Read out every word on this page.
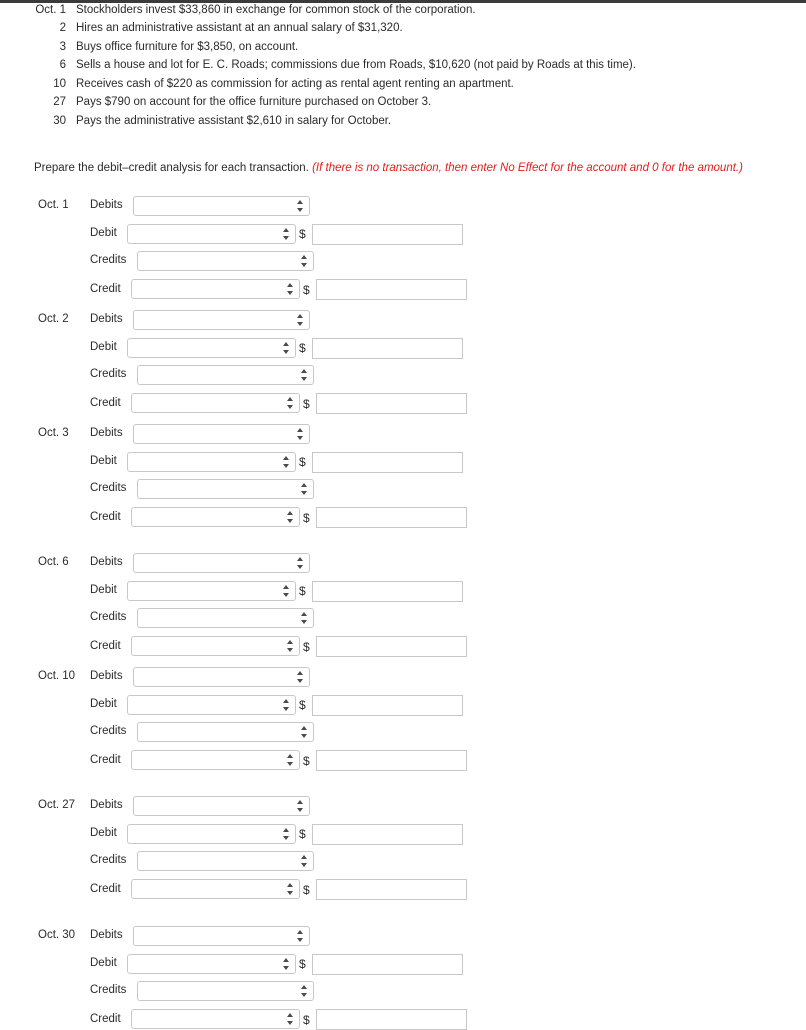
Oct. 1 Stockholders invest $33,860 in exchange for common stock of the corporation.
2 Hires an administrative assistant at an annual salary of $31,320.
3 Buys office furniture for $3,850, on account.
6 Sells a house and lot for E. C. Roads; commissions due from Roads, $10,620 (not paid by Roads at this time).
10 Receives cash of $220 as commission for acting as rental agent renting an apartment.
27 Pays $790 on account for the office furniture purchased on October 3.
30 Pays the administrative assistant $2,610 in salary for October.
Prepare the debit–credit analysis for each transaction. (If there is no transaction, then enter No Effect for the account and 0 for the amount.)
Oct. 1 Debits
Debit	$
Credits
Credit	$
Oct. 2 Debits
Debit	$
Credits
Credit	$
Oct. 3 Debits
Debit	$
Credits
Credit	$
Oct. 6 Debits
Debit	$
Credits
Credit	$
Oct. 10 Debits
Debit	$
Credits
Credit	$
Oct. 27 Debits
Debit	$
Credits
Credit	$
Oct. 30 Debits
Debit	$
Credits
Credit	$
